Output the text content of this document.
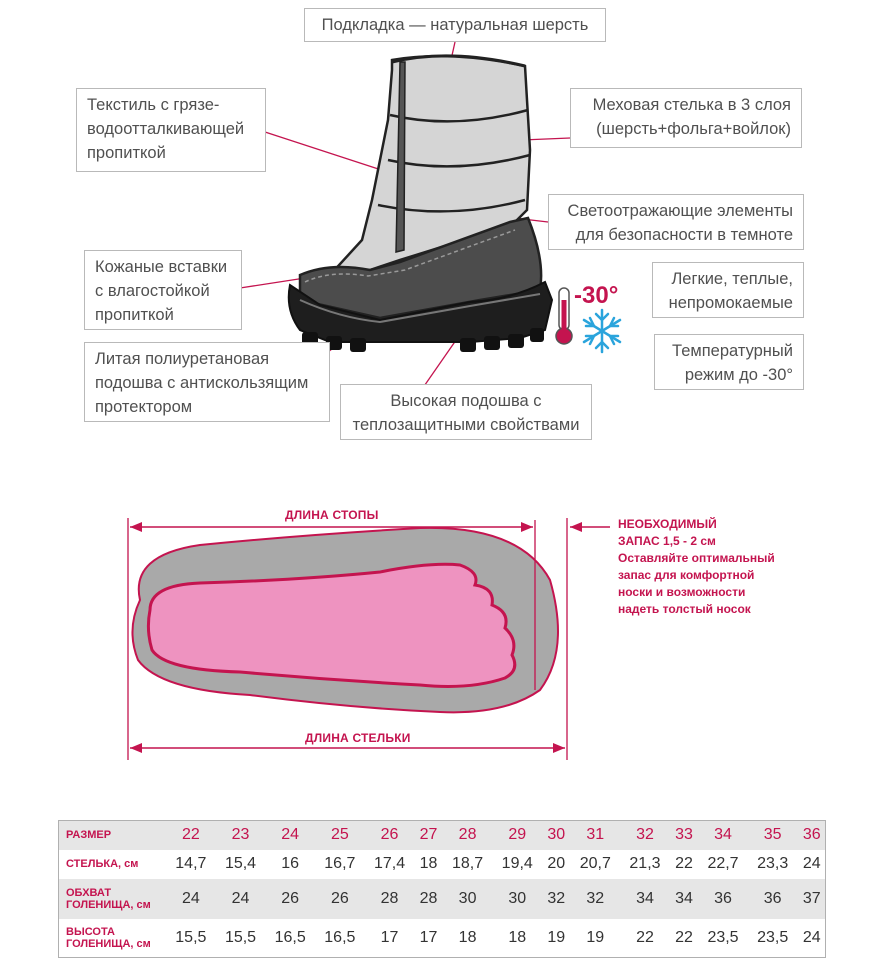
Подкладка — натуральная шерсть
Текстиль с грязе-
водоотталкивающей
пропиткой
Меховая стелька в 3 слоя
(шерсть+фольга+войлок)
Светоотражающие элементы
для безопасности в темноте
Кожаные вставки
с влагостойкой
пропиткой
Легкие, теплые,
непромокаемые
Литая полиуретановая
подошва с антискользящим
протектором
Температурный
режим до -30°
Высокая подошва с
теплозащитными свойствами
-30°
ДЛИНА СТОПЫ
ДЛИНА СТЕЛЬКИ
НЕОБХОДИМЫЙ
ЗАПАС 1,5 - 2 см
Оставляйте оптимальный
запас для комфортной
носки и возможности
надеть толстый носок
РАЗМЕР	22	23	24	25	26	27	28	29	30	31	32	33	34	35	36

СТЕЛЬКА, см	14,7	15,4	16	16,7	17,4	18	18,7	19,4	20	20,7	21,3	22	22,7	23,3	24

ОБХВАТ
ГОЛЕНИЩА, см	24	24	26	26	28	28	30	30	32	32	34	34	36	36	37

ВЫСОТА
ГОЛЕНИЩА, см	15,5	15,5	16,5	16,5	17	17	18	18	19	19	22	22	23,5	23,5	24
